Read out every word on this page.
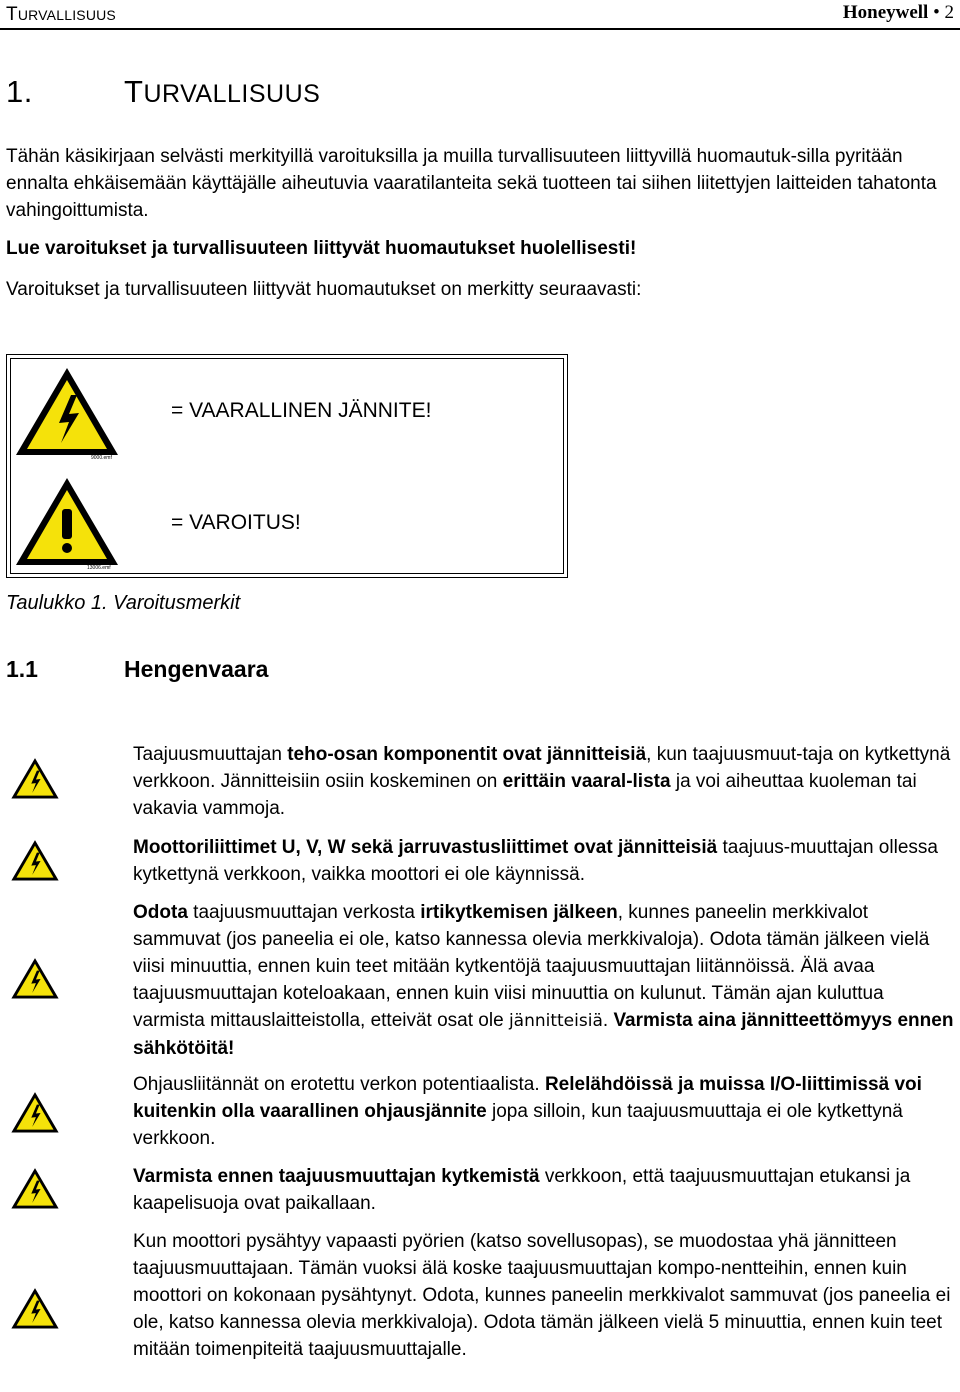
TURVALLISUUS	Honeywell • 2
1.	TURVALLISUUS
Tähän käsikirjaan selvästi merkityillä varoituksilla ja muilla turvallisuuteen liittyvillä huomautuk-silla pyritään ennalta ehkäisemään käyttäjälle aiheutuvia vaaratilanteita sekä tuotteen tai siihen liitettyjen laitteiden tahatonta vahingoittumista.
Lue varoitukset ja turvallisuuteen liittyvät huomautukset huolellisesti!
Varoitukset ja turvallisuuteen liittyvät huomautukset on merkitty seuraavasti:
9000.emf
= VAARALLINEN JÄNNITE!
13006.emf
= VAROITUS!
Taulukko 1. Varoitusmerkit
1.1	Hengenvaara
Taajuusmuuttajan teho-osan komponentit ovat jännitteisiä, kun taajuusmuut-taja on kytkettynä verkkoon. Jännitteisiin osiin koskeminen on erittäin vaaral-lista ja voi aiheuttaa kuoleman tai vakavia vammoja.
Moottoriliittimet U, V, W sekä jarruvastusliittimet ovat jännitteisiä taajuus-muuttajan ollessa kytkettynä verkkoon, vaikka moottori ei ole käynnissä.
Odota taajuusmuuttajan verkosta irtikytkemisen jälkeen, kunnes paneelin merkkivalot sammuvat (jos paneelia ei ole, katso kannessa olevia merkkivaloja). Odota tämän jälkeen vielä viisi minuuttia, ennen kuin teet mitään kytkentöjä taajuusmuuttajan liitännöissä. Älä avaa taajuusmuuttajan koteloakaan, ennen kuin viisi minuuttia on kulunut. Tämän ajan kuluttua varmista mittauslaitteistolla, etteivät osat ole jännitteisiä. Varmista aina jännitteettömyys ennen sähkötöitä!
Ohjausliitännät on erotettu verkon potentiaalista. Relelähdöissä ja muissa I/O-liittimissä voi kuitenkin olla vaarallinen ohjausjännite jopa silloin, kun taajuusmuuttaja ei ole kytkettynä verkkoon.
Varmista ennen taajuusmuuttajan kytkemistä verkkoon, että taajuusmuuttajan etukansi ja kaapelisuoja ovat paikallaan.
Kun moottori pysähtyy vapaasti pyörien (katso sovellusopas), se muodostaa yhä jännitteen taajuusmuuttajaan. Tämän vuoksi älä koske taajuusmuuttajan kompo-nentteihin, ennen kuin moottori on kokonaan pysähtynyt. Odota, kunnes paneelin merkkivalot sammuvat (jos paneelia ei ole, katso kannessa olevia merkkivaloja). Odota tämän jälkeen vielä 5 minuuttia, ennen kuin teet mitään toimenpiteitä taajuusmuuttajalle.
